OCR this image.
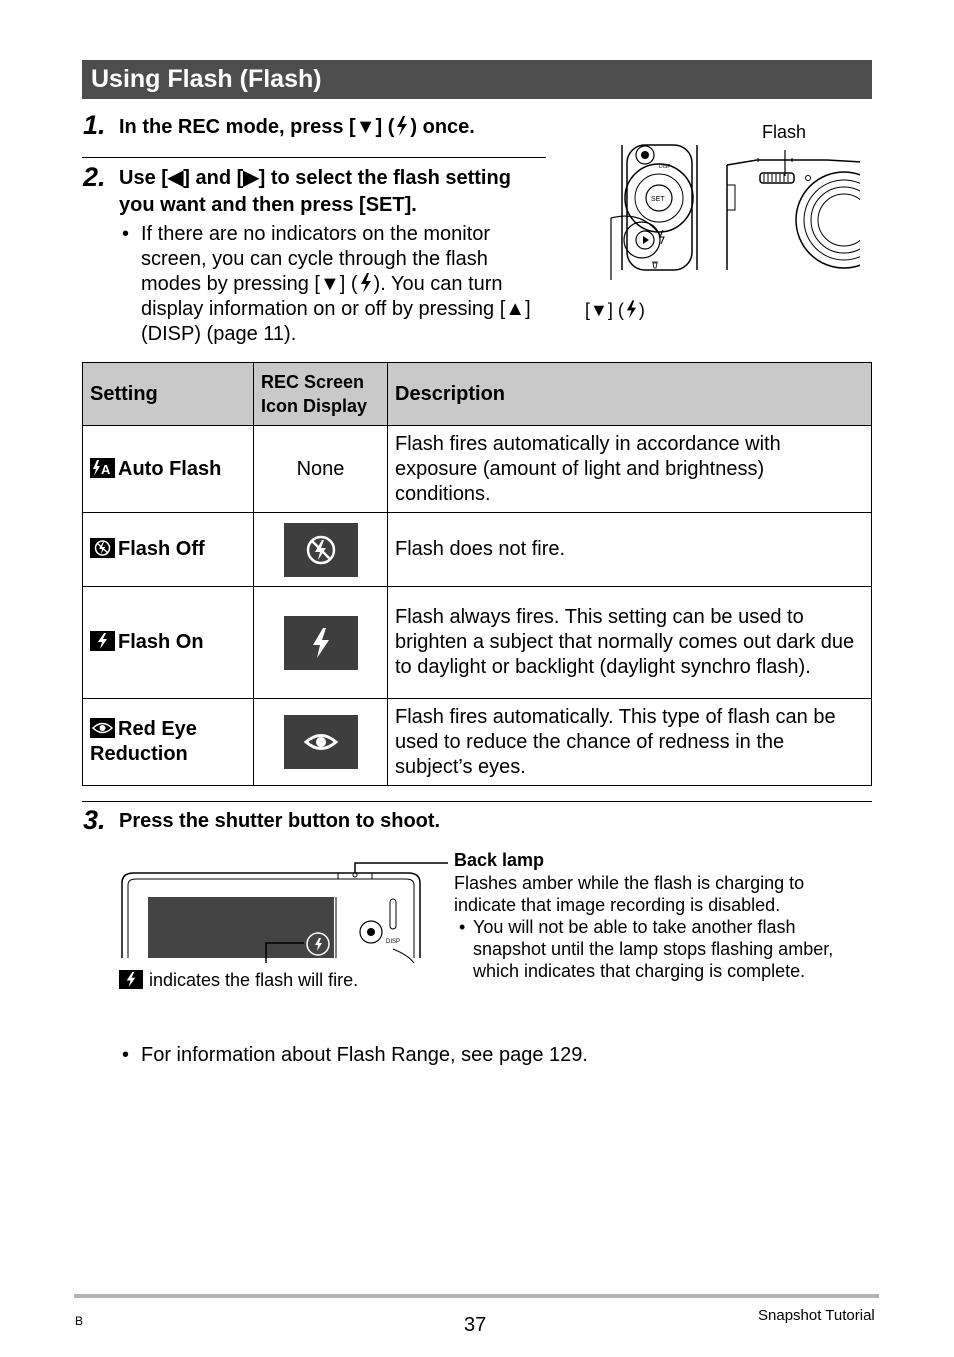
Using Flash (Flash)
1. In the REC mode, press [▼] ( ) once.
2. Use [◀] and [▶] to select the flash setting you want and then press [SET].
• If there are no indicators on the monitor screen, you can cycle through the flash modes by pressing [▼] ( ). You can turn display information on or off by pressing [▲] (DISP) (page 11).
Flash
SET
DISP
[▼] ( )
Setting	REC Screen Icon Display	Description

A Auto Flash	None	Flash fires automatically in accordance with exposure (amount of light and brightness) conditions.
Flash Off		Flash does not fire.
Flash On		Flash always fires. This setting can be used to brighten a subject that normally comes out dark due to daylight or backlight (daylight synchro flash).
Red Eye Reduction		Flash fires automatically. This type of flash can be used to reduce the chance of redness in the subject’s eyes.
3. Press the shutter button to shoot.
DISP
indicates the flash will fire.
Back lamp
Flashes amber while the flash is charging to indicate that image recording is disabled.
• You will not be able to take another flash snapshot until the lamp stops flashing amber, which indicates that charging is complete.
• For information about Flash Range, see page 129.
B	37	Snapshot Tutorial
